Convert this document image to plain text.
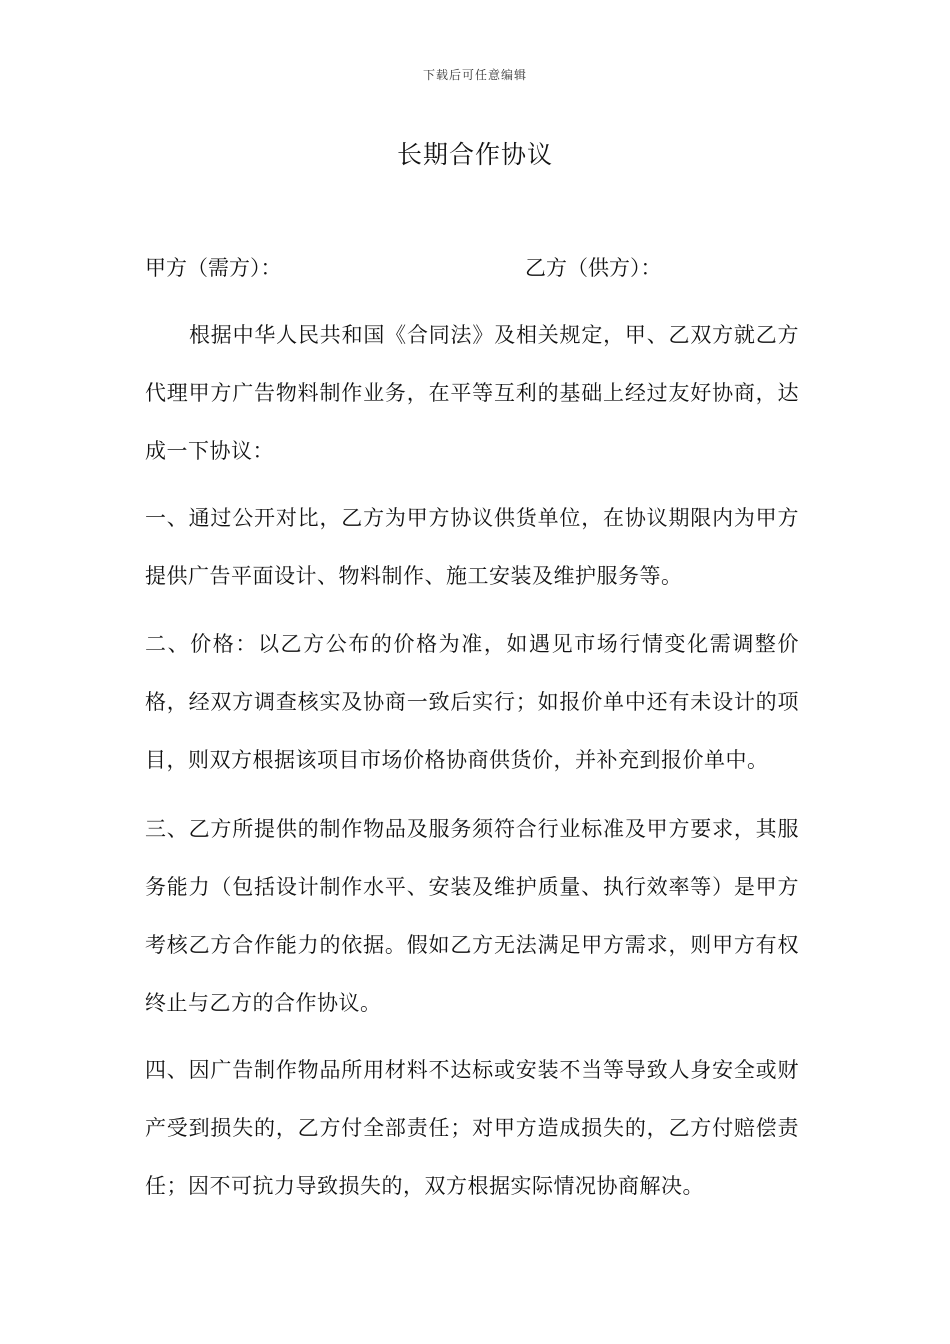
下载后可任意编辑
长期合作协议
甲方（需方）：	乙方（供方）：

根据中华人民共和国《合同法》及相关规定，甲、乙双方就乙方代理甲方广告物料制作业务，在平等互利的基础上经过友好协商，达成一下协议：

一、通过公开对比，乙方为甲方协议供货单位，在协议期限内为甲方提供广告平面设计、物料制作、施工安装及维护服务等。

二、价格：以乙方公布的价格为准，如遇见市场行情变化需调整价格，经双方调查核实及协商一致后实行；如报价单中还有未设计的项目，则双方根据该项目市场价格协商供货价，并补充到报价单中。

三、乙方所提供的制作物品及服务须符合行业标准及甲方要求，其服务能力（包括设计制作水平、安装及维护质量、执行效率等）是甲方考核乙方合作能力的依据。假如乙方无法满足甲方需求，则甲方有权终止与乙方的合作协议。

四、因广告制作物品所用材料不达标或安装不当等导致人身安全或财产受到损失的，乙方付全部责任；对甲方造成损失的，乙方付赔偿责任；因不可抗力导致损失的，双方根据实际情况协商解决。
